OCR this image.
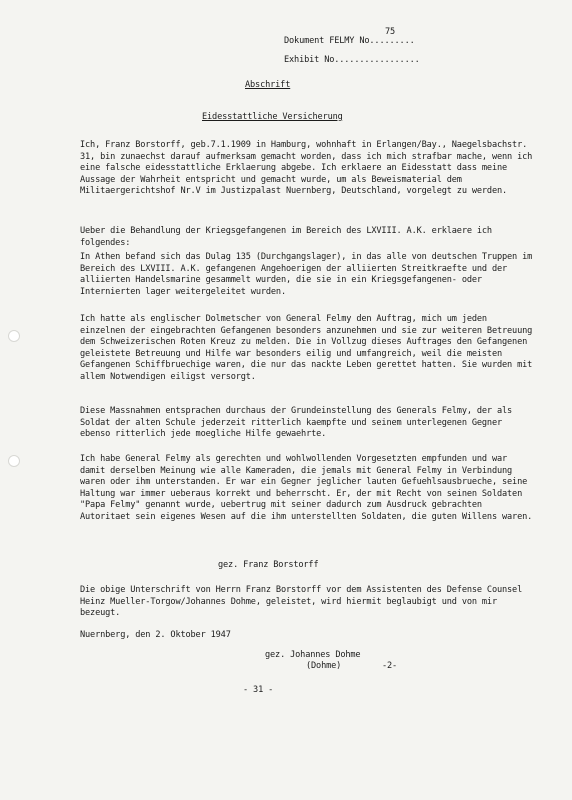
75
Dokument FELMY No.........
Exhibit No.................
Abschrift
Eidesstattliche Versicherung
Ich, Franz Borstorff, geb.7.1.1909 in Hamburg, wohnhaft in Erlangen/Bay., Naegelsbachstr. 31, bin zunaechst darauf aufmerksam gemacht worden, dass ich mich strafbar mache, wenn ich eine falsche eidesstattliche Erklaerung abgebe. Ich erklaere an Eidesstatt dass meine Aussage der Wahrheit entspricht und gemacht wurde, um als Beweismaterial dem Militaergerichtshof Nr.V im Justizpalast Nuernberg, Deutschland, vorgelegt zu werden.
Ueber die Behandlung der Kriegsgefangenen im Bereich des LXVIII. A.K. erklaere ich folgendes:
In Athen befand sich das Dulag 135 (Durchgangslager), in das alle von deutschen Truppen im Bereich des LXVIII. A.K. gefangenen Angehoerigen der alliierten Streitkraefte und der alliierten Handelsmarine gesammelt wurden, die sie in ein Kriegsgefangenen- oder Internierten lager weitergeleitet wurden.
Ich hatte als englischer Dolmetscher von General Felmy den Auftrag, mich um jeden einzelnen der eingebrachten Gefangenen besonders anzunehmen und sie zur weiteren Betreuung dem Schweizerischen Roten Kreuz zu melden. Die in Vollzug dieses Auftrages den Gefangenen geleistete Betreuung und Hilfe war besonders eilig und umfangreich, weil die meisten Gefangenen Schiffbruechige waren, die nur das nackte Leben gerettet hatten. Sie wurden mit allem Notwendigen eiligst versorgt.
Diese Massnahmen entsprachen durchaus der Grundeinstellung des Generals Felmy, der als Soldat der alten Schule jederzeit ritterlich kaempfte und seinem unterlegenen Gegner ebenso ritterlich jede moegliche Hilfe gewaehrte.
Ich habe General Felmy als gerechten und wohlwollenden Vorgesetzten empfunden und war damit derselben Meinung wie alle Kameraden, die jemals mit General Felmy in Verbindung waren oder ihm unterstanden. Er war ein Gegner jeglicher lauten Gefuehlsausbrueche, seine Haltung war immer ueberaus korrekt und beherrscht. Er, der mit Recht von seinen Soldaten "Papa Felmy" genannt wurde, uebertrug mit seiner dadurch zum Ausdruck gebrachten Autoritaet sein eigenes Wesen auf die ihm unterstellten Soldaten, die guten Willens waren.
gez. Franz Borstorff
Die obige Unterschrift von Herrn Franz Borstorff vor dem Assistenten des Defense Counsel Heinz Mueller-Torgow/Johannes Dohme, geleistet, wird hiermit beglaubigt und von mir bezeugt.
Nuernberg, den 2. Oktober 1947
gez. Johannes Dohme
(Dohme)	-2-
- 31 -
